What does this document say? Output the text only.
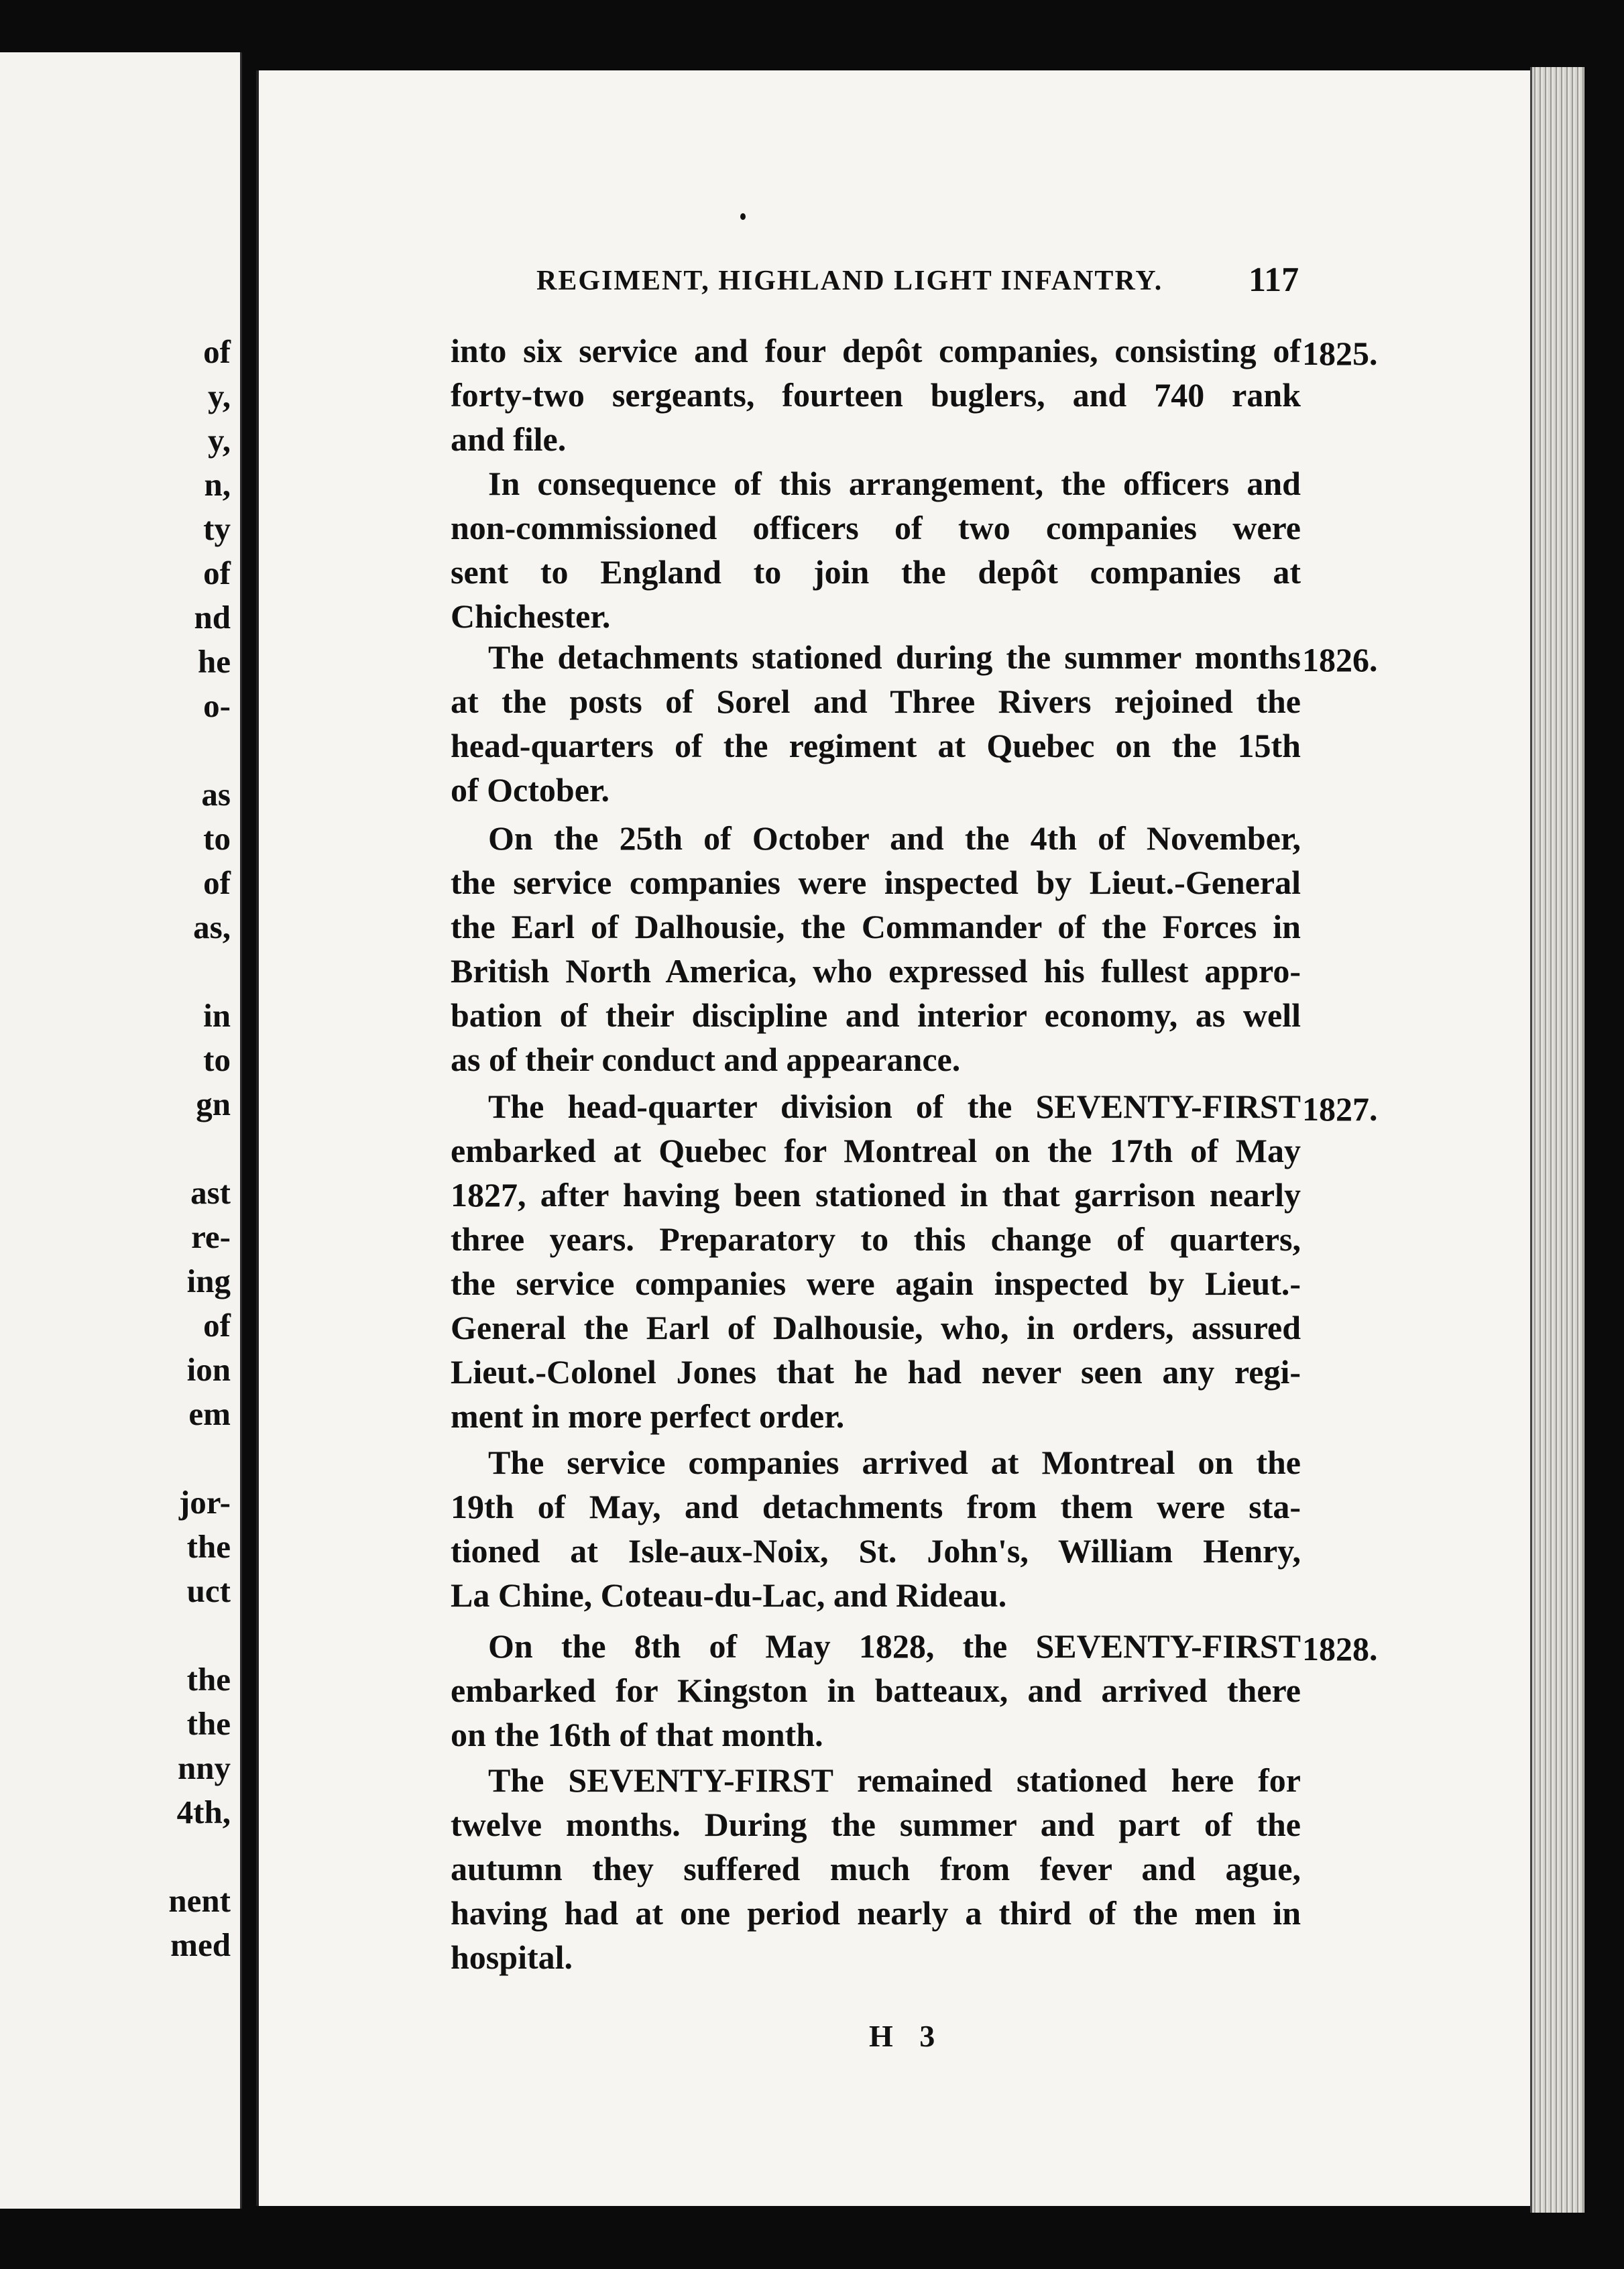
of
y,
y,
n,
ty
of
nd
he
o-
as
to
of
as,
in
to
gn
ast
re-
ing
of
ion
em
jor-
the
uct
the
the
nny
4th,
nent
med
REGIMENT, HIGHLAND LIGHT INFANTRY. 117
into six service and four depôt companies, consisting of
forty-two sergeants, fourteen buglers, and 740 rank
and file.
In consequence of this arrangement, the officers and
non-commissioned officers of two companies were
sent to England to join the depôt companies at
Chichester.
The detachments stationed during the summer months
at the posts of Sorel and Three Rivers rejoined the
head-quarters of the regiment at Quebec on the 15th
of October.
On the 25th of October and the 4th of November,
the service companies were inspected by Lieut.-General
the Earl of Dalhousie, the Commander of the Forces in
British North America, who expressed his fullest appro-
bation of their discipline and interior economy, as well
as of their conduct and appearance.
The head-quarter division of the SEVENTY-FIRST
embarked at Quebec for Montreal on the 17th of May
1827, after having been stationed in that garrison nearly
three years. Preparatory to this change of quarters,
the service companies were again inspected by Lieut.-
General the Earl of Dalhousie, who, in orders, assured
Lieut.-Colonel Jones that he had never seen any regi-
ment in more perfect order.
The service companies arrived at Montreal on the
19th of May, and detachments from them were sta-
tioned at Isle-aux-Noix, St. John's, William Henry,
La Chine, Coteau-du-Lac, and Rideau.
On the 8th of May 1828, the SEVENTY-FIRST
embarked for Kingston in batteaux, and arrived there
on the 16th of that month.
The SEVENTY-FIRST remained stationed here for
twelve months. During the summer and part of the
autumn they suffered much from fever and ague,
having had at one period nearly a third of the men in
hospital.
1825.
1826.
1827.
1828.
H 3
